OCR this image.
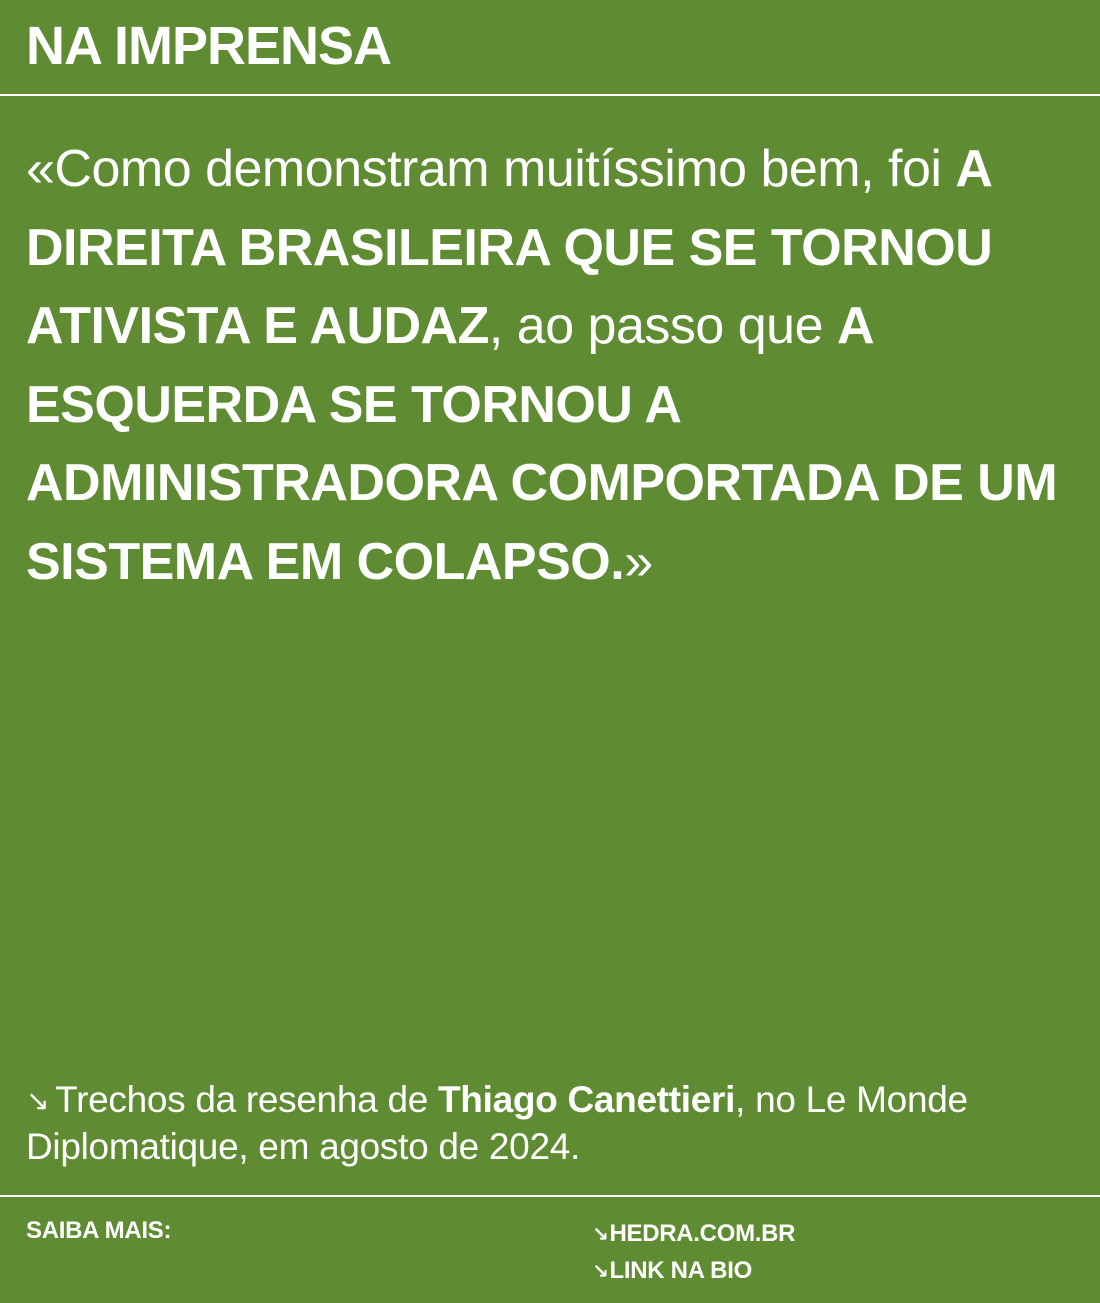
NA IMPRENSA

«Como demonstram muitíssimo bem, foi A DIREITA BRASILEIRA QUE SE TORNOU ATIVISTA E AUDAZ, ao passo que A ESQUERDA SE TORNOU A ADMINISTRADORA COMPORTADA DE UM SISTEMA EM COLAPSO.»

↘ Trechos da resenha de Thiago Canettieri, no Le Monde Diplomatique, em agosto de 2024.

SAIBA MAIS:	↘HEDRA.COM.BR
↘LINK NA BIO
